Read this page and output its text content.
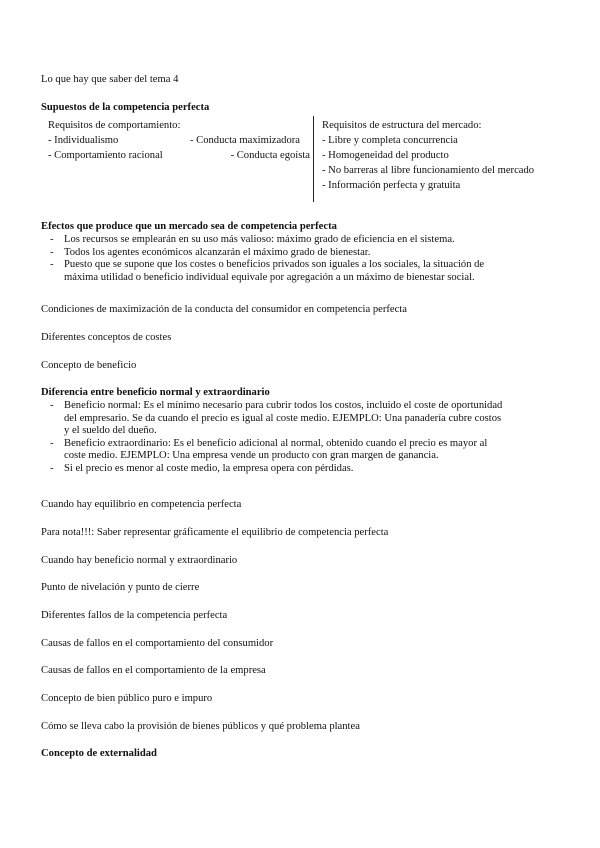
Lo que hay que saber del tema 4
Supuestos de la competencia perfecta
Requisitos de comportamiento:
- Individualismo	- Conducta maximizadora
- Comportamiento racional	- Conducta egoísta
Requisitos de estructura del mercado:
- Libre y completa concurrencia
- Homogeneidad del producto
- No barreras al libre funcionamiento del mercado
- Información perfecta y gratuita
Efectos que produce que un mercado sea de competencia perfecta
- Los recursos se emplearán en su uso más valioso: máximo grado de eficiencia en el sistema.
- Todos los agentes económicos alcanzarán el máximo grado de bienestar.
- Puesto que se supone que los costes o beneficios privados son iguales a los sociales, la situación de
máxima utilidad o beneficio individual equivale por agregación a un máximo de bienestar social.
Condiciones de maximización de la conducta del consumidor en competencia perfecta
Diferentes conceptos de costes
Concepto de beneficio
Diferencia entre beneficio normal y extraordinario
- Beneficio normal: Es el mínimo necesario para cubrir todos los costos, incluido el coste de oportunidad
del empresario. Se da cuando el precio es igual al coste medio. EJEMPLO: Una panadería cubre costos
y el sueldo del dueño.
- Beneficio extraordinario: Es el beneficio adicional al normal, obtenido cuando el precio es mayor al
coste medio. EJEMPLO: Una empresa vende un producto con gran margen de ganancia.
- Si el precio es menor al coste medio, la empresa opera con pérdidas.
Cuando hay equilibrio en competencia perfecta
Para nota!!!: Saber representar gráficamente el equilibrio de competencia perfecta
Cuando hay beneficio normal y extraordinario
Punto de nivelación y punto de cierre
Diferentes fallos de la competencia perfecta
Causas de fallos en el comportamiento del consumidor
Causas de fallos en el comportamiento de la empresa
Concepto de bien público puro e impuro
Cómo se lleva cabo la provisión de bienes públicos y qué problema plantea
Concepto de externalidad
